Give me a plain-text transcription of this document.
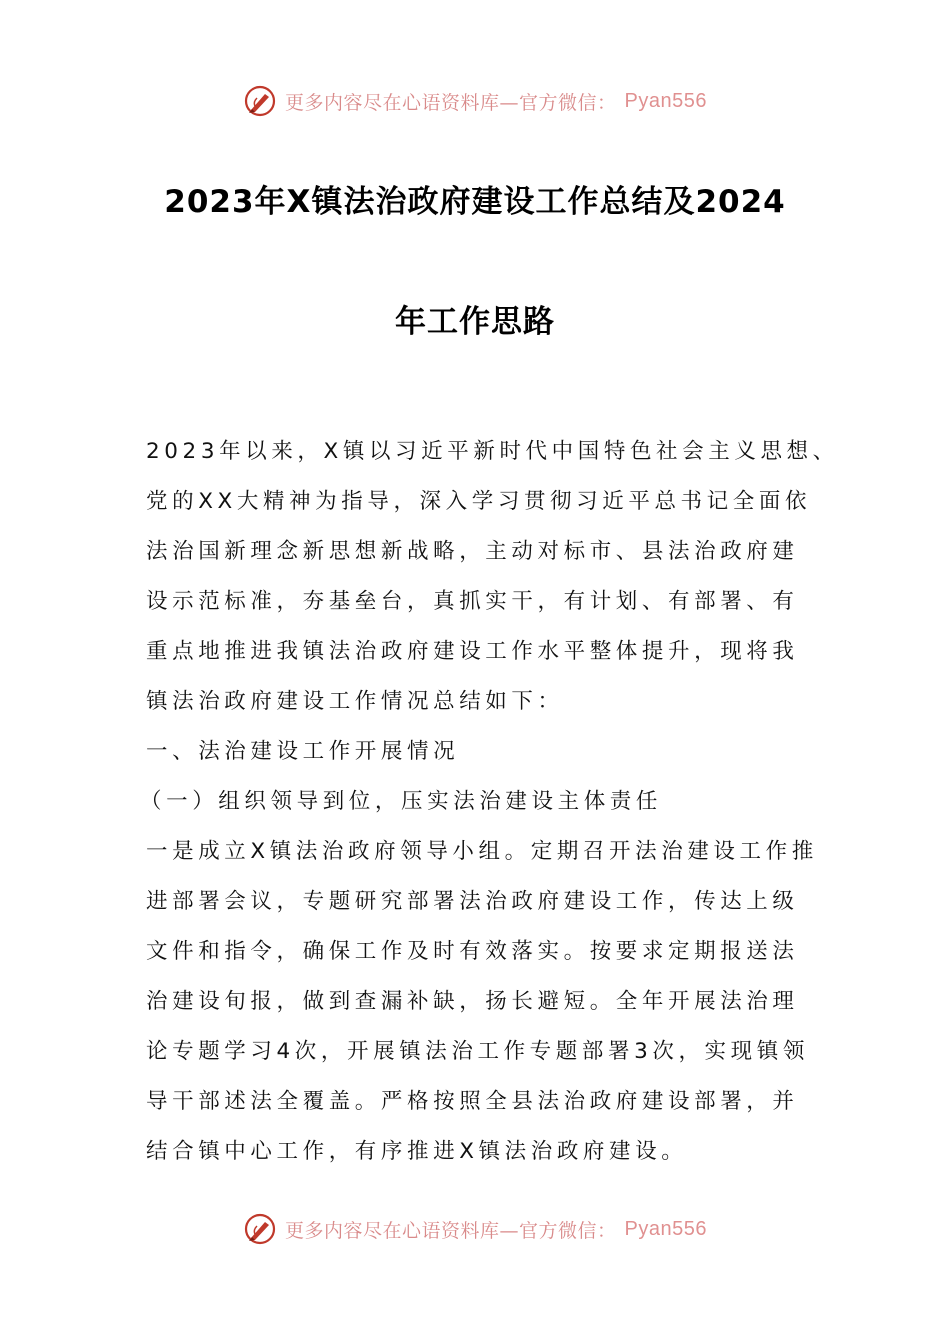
更多内容尽在心语资料库—官方微信： Pyan556
2023年X镇法治政府建设工作总结及2024
年工作思路
2023年以来，X镇以习近平新时代中国特色社会主义思想、
党的XX大精神为指导，深入学习贯彻习近平总书记全面依
法治国新理念新思想新战略，主动对标市、县法治政府建
设示范标准，夯基垒台，真抓实干，有计划、有部署、有
重点地推进我镇法治政府建设工作水平整体提升，现将我
镇法治政府建设工作情况总结如下：
一、法治建设工作开展情况
（一）组织领导到位，压实法治建设主体责任
一是成立X镇法治政府领导小组。定期召开法治建设工作推
进部署会议，专题研究部署法治政府建设工作，传达上级
文件和指令，确保工作及时有效落实。按要求定期报送法
治建设旬报，做到查漏补缺，扬长避短。全年开展法治理
论专题学习4次，开展镇法治工作专题部署3次，实现镇领
导干部述法全覆盖。严格按照全县法治政府建设部署，并
结合镇中心工作，有序推进X镇法治政府建设。
更多内容尽在心语资料库—官方微信： Pyan556
